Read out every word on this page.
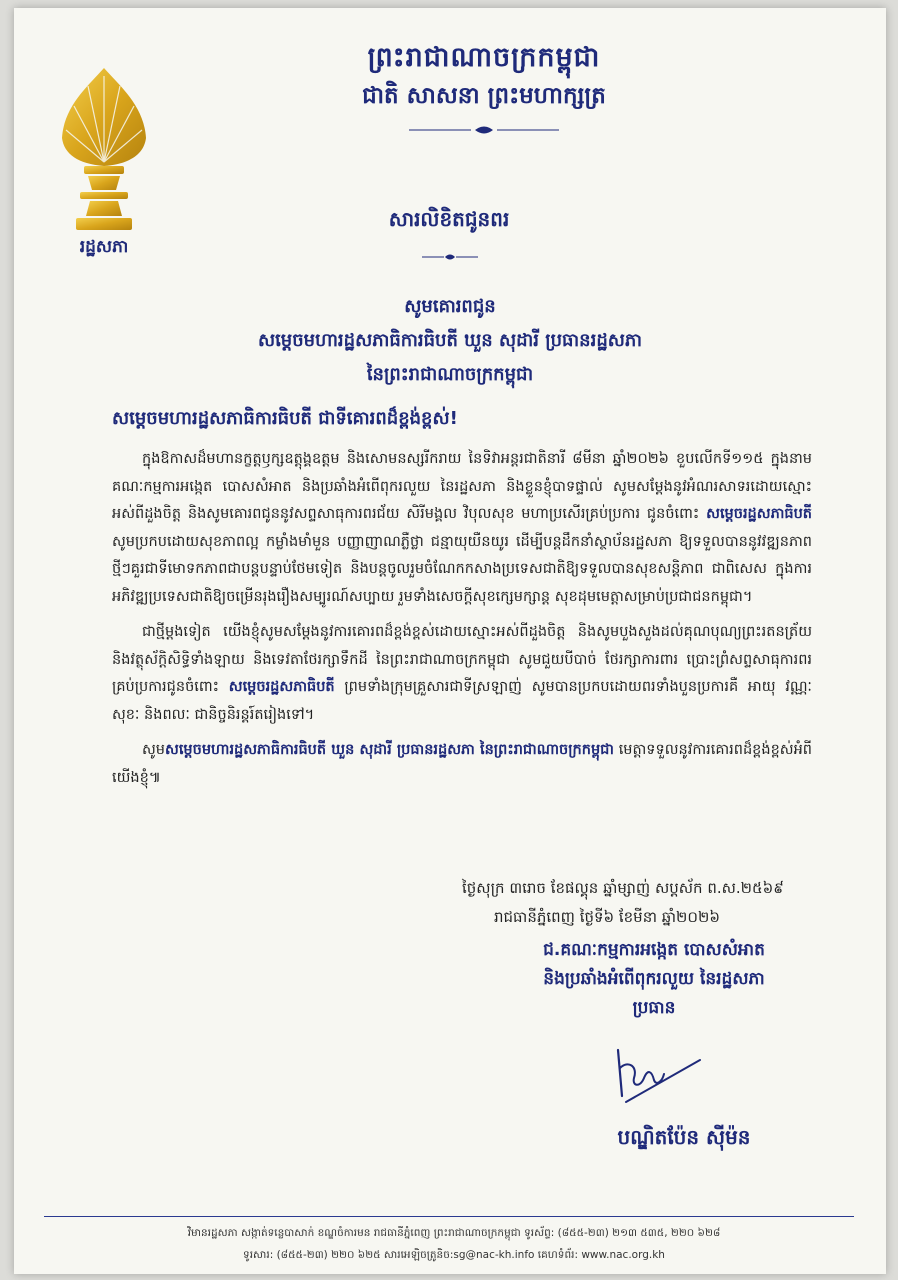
រដ្ឋសភា
ព្រះរាជាណាចក្រកម្ពុជា
ជាតិ សាសនា ព្រះមហាក្សត្រ
សារលិខិតជូនពរ
សូមគោរពជូន
សម្តេចមហារដ្ឋសភាធិការធិបតី ឃួន សុដារី ប្រធានរដ្ឋសភា
នៃព្រះរាជាណាចក្រកម្ពុជា
សម្តេចមហារដ្ឋសភាធិការធិបតី ជាទីគោរពដ៏ខ្ពង់ខ្ពស់!

ក្នុងឱកាសដ៏មហានក្ខត្តឫក្សឧត្តុង្គឧត្តម និងសោមនស្សរីករាយ នៃទិវាអន្តរជាតិនារី ៨មីនា ឆ្នាំ២០២៦ ខួបលើកទី១១៥ ក្នុងនាមគណៈកម្មការអង្កេត បោសសំអាត និងប្រឆាំងអំពើពុករលួយ នៃរដ្ឋសភា និងខ្លួនខ្ញុំបាទផ្ទាល់ សូមសម្តែងនូវអំណរសាទរដោយស្មោះអស់ពីដួងចិត្ត និងសូមគោរពជូននូវសព្ទសាធុការពរជ័យ សិរីមង្គល វិបុលសុខ មហាប្រសើរគ្រប់ប្រការ ជូនចំពោះ សម្តេចរដ្ឋសភាធិបតី សូមប្រកបដោយសុខភាពល្អ កម្លាំងមាំមួន បញ្ញាញាណភ្លឺថ្លា ជន្មាយុយឺនយូរ ដើម្បីបន្តដឹកនាំស្ថាប័នរដ្ឋសភា ឱ្យទទួលបាននូវវឌ្ឍនភាពថ្មីៗគួរជាទីមោទកភាពជាបន្តបន្ទាប់ថែមទៀត និងបន្តចូលរួមចំណែកកសាងប្រទេសជាតិឱ្យទទួលបានសុខសន្តិភាព ជាពិសេស ក្នុងការអភិវឌ្ឍប្រទេសជាតិឱ្យចម្រើនរុងរឿងសម្បូរណ៍សប្បាយ រួមទាំងសេចក្តីសុខក្សេមក្សាន្ត សុខដុមមេត្តាសម្រាប់ប្រជាជនកម្ពុជា។

ជាថ្មីម្តងទៀត យើងខ្ញុំសូមសម្តែងនូវការគោរពដ៏ខ្ពង់ខ្ពស់ដោយស្មោះអស់ពីដួងចិត្ត និងសូមបួងសួងដល់គុណបុណ្យព្រះរតនត្រ័យ និងវត្ថុស័ក្តិសិទ្ធិទាំងឡាយ និងទេវតាថែរក្សាទឹកដី នៃព្រះរាជាណាចក្រកម្ពុជា សូមជួយបីបាច់ ថែរក្សាការពារ ប្រោះព្រំសព្ទសាធុការពរគ្រប់ប្រការជូនចំពោះ សម្តេចរដ្ឋសភាធិបតី ព្រមទាំងក្រុមគ្រួសារជាទីស្រឡាញ់ សូមបានប្រកបដោយពរទាំងបួនប្រការគឺ អាយុ វណ្ណៈ សុខៈ និងពលៈ ជានិច្ចនិរន្តរ៍តរៀងទៅ។

សូមសម្តេចមហារដ្ឋសភាធិការធិបតី ឃួន សុដារី ប្រធានរដ្ឋសភា នៃព្រះរាជាណាចក្រកម្ពុជា មេត្តាទទួលនូវការគោរពដ៏ខ្ពង់ខ្ពស់អំពីយើងខ្ញុំ៕

ថ្ងៃសុក្រ ៣រោច ខែផល្គុន ឆ្នាំម្សាញ់ សប្តស័ក ព.ស.២៥៦៩
រាជធានីភ្នំពេញ ថ្ងៃទី៦ ខែមីនា ឆ្នាំ២០២៦
ជ.គណៈកម្មការអង្កេត បោសសំអាត
និងប្រឆាំងអំពើពុករលួយ នៃរដ្ឋសភា
ប្រធាន
បណ្ឌិតប៉ែន ស៊ីម៉ន
វិមានរដ្ឋសភា សង្កាត់ទន្លេបាសាក់ ខណ្ឌចំការមន រាជធានីភ្នំពេញ ព្រះរាជាណាចក្រកម្ពុជា ទូរស័ព្ទ: (៨៥៥-២៣) ២១៣ ៥៣៥, ២២០ ៦២៨
ទូរសារ: (៨៥៥-២៣) ២២០ ៦២៥ សារអេឡិចត្រូនិច:sg@nac-kh.info គេហទំព័រ: www.nac.org.kh
